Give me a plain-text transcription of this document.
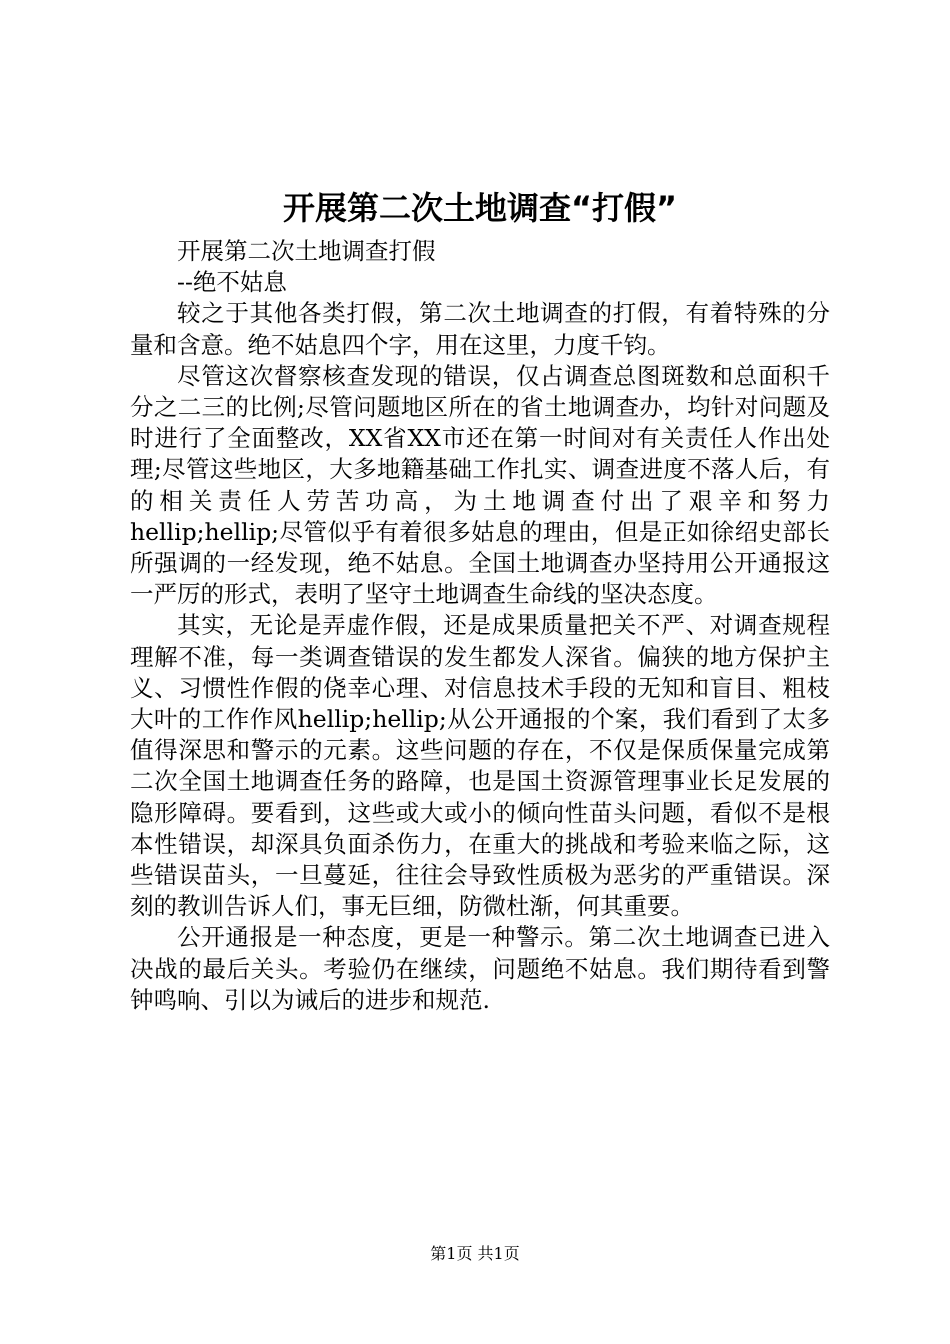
开展第二次土地调查“打假”

开展第二次土地调查打假

--绝不姑息

较之于其他各类打假，第二次土地调查的打假，有着特殊的分量和含意。绝不姑息四个字，用在这里，力度千钧。

尽管这次督察核查发现的错误，仅占调查总图斑数和总面积千分之二三的比例;尽管问题地区所在的省土地调查办，均针对问题及时进行了全面整改，XX省XX市还在第一时间对有关责任人作出处理;尽管这些地区，大多地籍基础工作扎实、调查进度不落人后，有的相关责任人劳苦功高，为土地调查付出了艰辛和努力hellip;hellip;尽管似乎有着很多姑息的理由，但是正如徐绍史部长所强调的一经发现，绝不姑息。全国土地调查办坚持用公开通报这一严厉的形式，表明了坚守土地调查生命线的坚决态度。

其实，无论是弄虚作假，还是成果质量把关不严、对调查规程理解不准，每一类调查错误的发生都发人深省。偏狭的地方保护主义、习惯性作假的侥幸心理、对信息技术手段的无知和盲目、粗枝大叶的工作作风hellip;hellip;从公开通报的个案，我们看到了太多值得深思和警示的元素。这些问题的存在，不仅是保质保量完成第二次全国土地调查任务的路障，也是国土资源管理事业长足发展的隐形障碍。要看到，这些或大或小的倾向性苗头问题，看似不是根本性错误，却深具负面杀伤力，在重大的挑战和考验来临之际，这些错误苗头，一旦蔓延，往往会导致性质极为恶劣的严重错误。深刻的教训告诉人们，事无巨细，防微杜渐，何其重要。

公开通报是一种态度，更是一种警示。第二次土地调查已进入决战的最后关头。考验仍在继续，问题绝不姑息。我们期待看到警钟鸣响、引以为诫后的进步和规范.

第1页 共1页
